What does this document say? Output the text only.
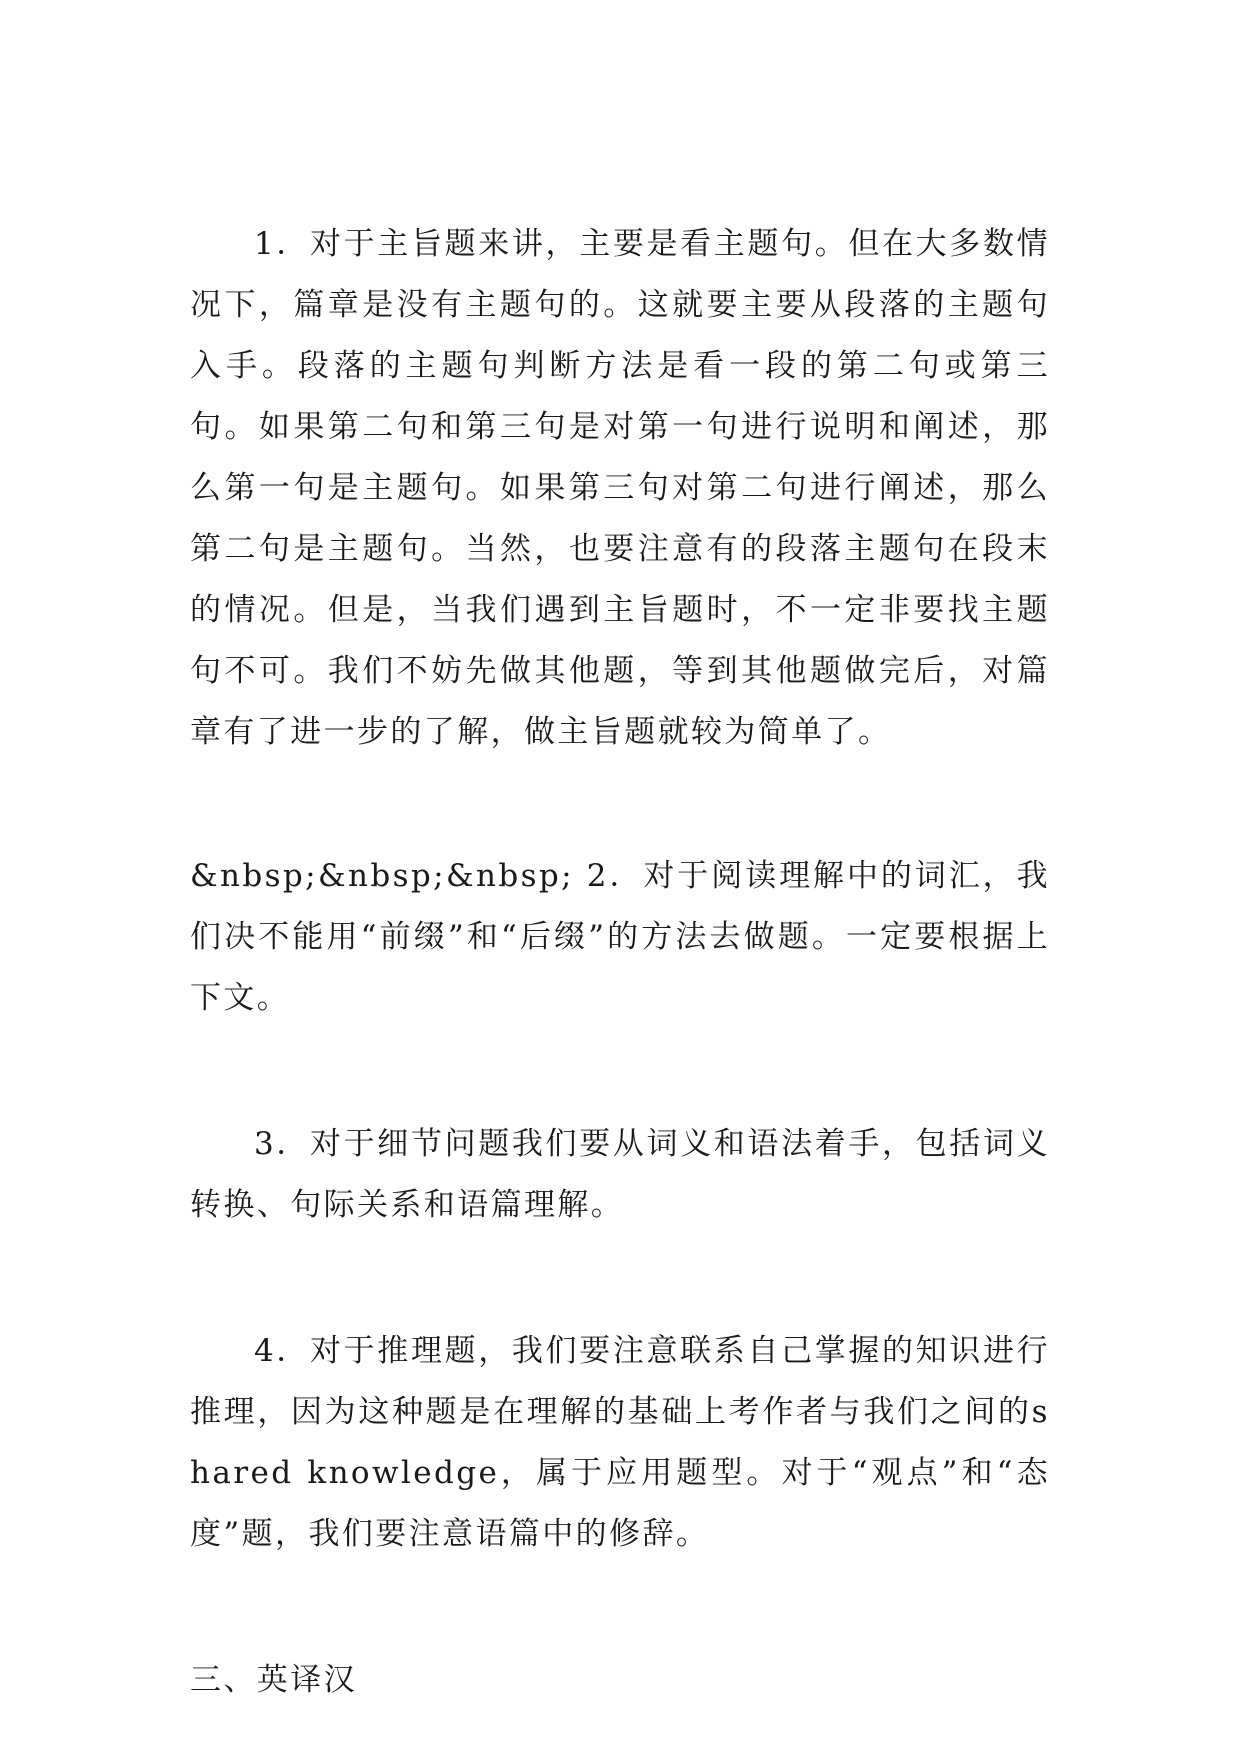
1．对于主旨题来讲，主要是看主题句。但在大多数情况下，篇章是没有主题句的。这就要主要从段落的主题句入手。段落的主题句判断方法是看一段的第二句或第三句。如果第二句和第三句是对第一句进行说明和阐述，那么第一句是主题句。如果第三句对第二句进行阐述，那么第二句是主题句。当然，也要注意有的段落主题句在段末的情况。但是，当我们遇到主旨题时，不一定非要找主题句不可。我们不妨先做其他题，等到其他题做完后，对篇章有了进一步的了解，做主旨题就较为简单了。

&nbsp;&nbsp;&nbsp; 2．对于阅读理解中的词汇，我们决不能用“前缀”和“后缀”的方法去做题。一定要根据上下文。

3．对于细节问题我们要从词义和语法着手，包括词义转换、句际关系和语篇理解。

4．对于推理题，我们要注意联系自己掌握的知识进行推理，因为这种题是在理解的基础上考作者与我们之间的shared knowledge，属于应用题型。对于“观点”和“态度”题，我们要注意语篇中的修辞。

三、英译汉
